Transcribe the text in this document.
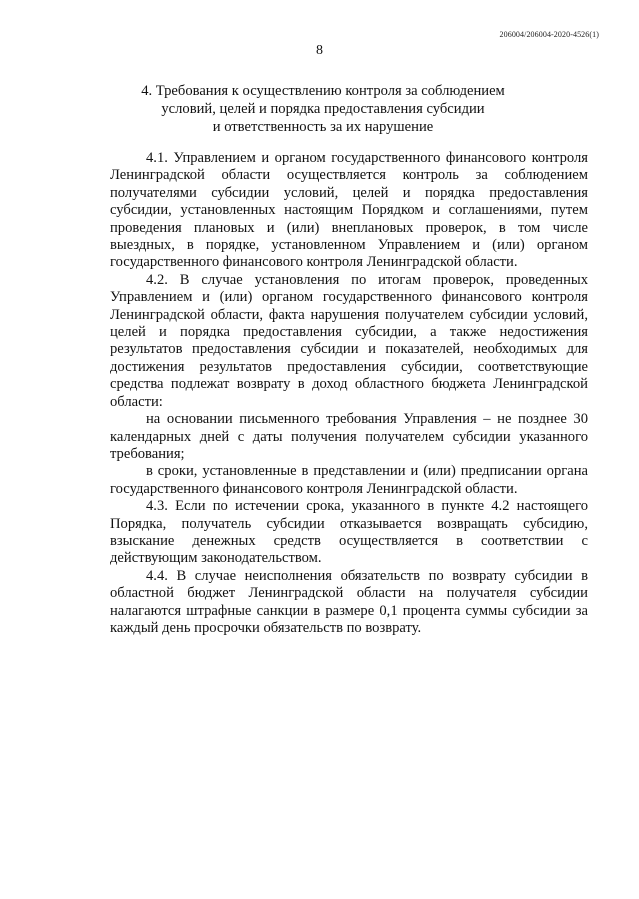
206004/206004-2020-4526(1)
8
4. Требования к осуществлению контроля за соблюдением
условий, целей и порядка предоставления субсидии
и ответственность за их нарушение

4.1. Управлением и органом государственного финансового контроля Ленинградской области осуществляется контроль за соблюдением получателями субсидии условий, целей и порядка предоставления субсидии, установленных настоящим Порядком и соглашениями, путем проведения плановых и (или) внеплановых проверок, в том числе выездных, в порядке, установленном Управлением и (или) органом государственного финансового контроля Ленинградской области.

4.2. В случае установления по итогам проверок, проведенных Управлением и (или) органом государственного финансового контроля Ленинградской области, факта нарушения получателем субсидии условий, целей и порядка предоставления субсидии, а также недостижения результатов предоставления субсидии и показателей, необходимых для достижения результатов предоставления субсидии, соответствующие средства подлежат возврату в доход областного бюджета Ленинградской области:

на основании письменного требования Управления – не позднее 30 календарных дней с даты получения получателем субсидии указанного требования;

в сроки, установленные в представлении и (или) предписании органа государственного финансового контроля Ленинградской области.

4.3. Если по истечении срока, указанного в пункте 4.2 настоящего Порядка, получатель субсидии отказывается возвращать субсидию, взыскание денежных средств осуществляется в соответствии с действующим законодательством.

4.4. В случае неисполнения обязательств по возврату субсидии в областной бюджет Ленинградской области на получателя субсидии налагаются штрафные санкции в размере 0,1 процента суммы субсидии за каждый день просрочки обязательств по возврату.
